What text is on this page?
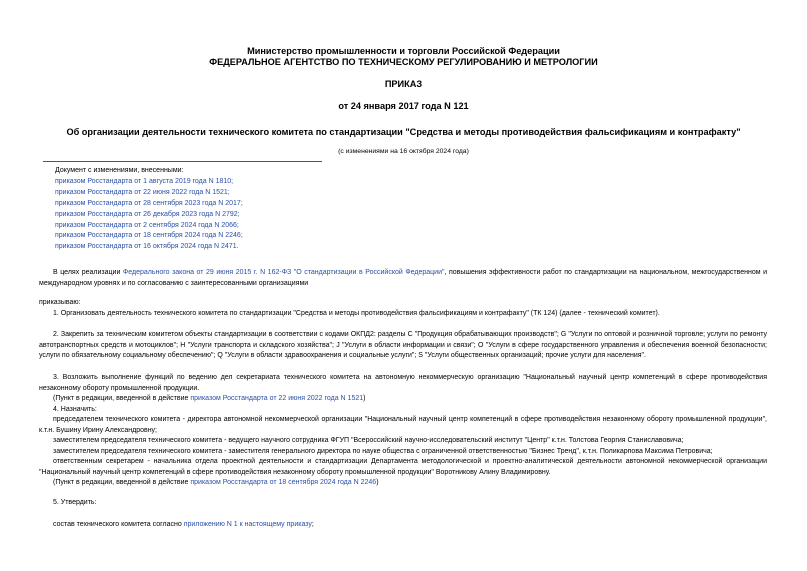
Министерство промышленности и торговли Российской Федерации
ФЕДЕРАЛЬНОЕ АГЕНТСТВО ПО ТЕХНИЧЕСКОМУ РЕГУЛИРОВАНИЮ И МЕТРОЛОГИИ
ПРИКАЗ
от 24 января 2017 года N 121
Об организации деятельности технического комитета по стандартизации "Средства и методы противодействия фальсификациям и контрафакту"
(с изменениями на 16 октября 2024 года)
Документ с изменениями, внесенными:
приказом Росстандарта от 1 августа 2019 года N 1810;
приказом Росстандарта от 22 июня 2022 года N 1521;
приказом Росстандарта от 28 сентября 2023 года N 2017;
приказом Росстандарта от 26 декабря 2023 года N 2792;
приказом Росстандарта от 2 сентября 2024 года N 2066;
приказом Росстандарта от 18 сентября 2024 года N 2246;
приказом Росстандарта от 16 октября 2024 года N 2471.

В целях реализации Федерального закона от 29 июня 2015 г. N 162-ФЗ "О стандартизации в Российской Федерации", повышения эффективности работ по стандартизации на национальном, межгосударственном и международном уровнях и по согласованию с заинтересованными организациями

приказываю:

1. Организовать деятельность технического комитета по стандартизации "Средства и методы противодействия фальсификациям и контрафакту" (ТК 124) (далее - технический комитет).

2. Закрепить за техническим комитетом объекты стандартизации в соответствии с кодами ОКПД2: разделы C "Продукция обрабатывающих производств"; G "Услуги по оптовой и розничной торговле; услуги по ремонту автотранспортных средств и мотоциклов"; H "Услуги транспорта и складского хозяйства"; J "Услуги в области информации и связи"; O "Услуги в сфере государственного управления и обеспечения военной безопасности; услуги по обязательному социальному обеспечению"; Q "Услуги в области здравоохранения и социальные услуги"; S "Услуги общественных организаций; прочие услуги для населения".

3. Возложить выполнение функций по ведению дел секретариата технического комитета на автономную некоммерческую организацию "Национальный научный центр компетенций в сфере противодействия незаконному обороту промышленной продукции.

(Пункт в редакции, введенной в действие приказом Росстандарта от 22 июня 2022 года N 1521)

4. Назначить:

председателем технического комитета - директора автономной некоммерческой организации "Национальный научный центр компетенций в сфере противодействия незаконному обороту промышленной продукции", к.т.н. Бушину Ирину Александровну;

заместителем председателя технического комитета - ведущего научного сотрудника ФГУП "Всероссийский научно-исследовательский институт "Центр" к.т.н. Толстова Георгия Станиславовича;

заместителем председателя технического комитета - заместителя генерального директора по науке общества с ограниченной ответственностью "Бизнес Тренд", к.т.н. Поликарпова Максима Петровича;

ответственным секретарем - начальника отдела проектной деятельности и стандартизации Департамента методологической и проектно-аналитической деятельности автономной некоммерческой организации "Национальный научный центр компетенций в сфере противодействия незаконному обороту промышленной продукции" Воротникову Алину Владимировну.

(Пункт в редакции, введенной в действие приказом Росстандарта от 18 сентября 2024 года N 2246)

5. Утвердить:

состав технического комитета согласно приложению N 1 к настоящему приказу;
